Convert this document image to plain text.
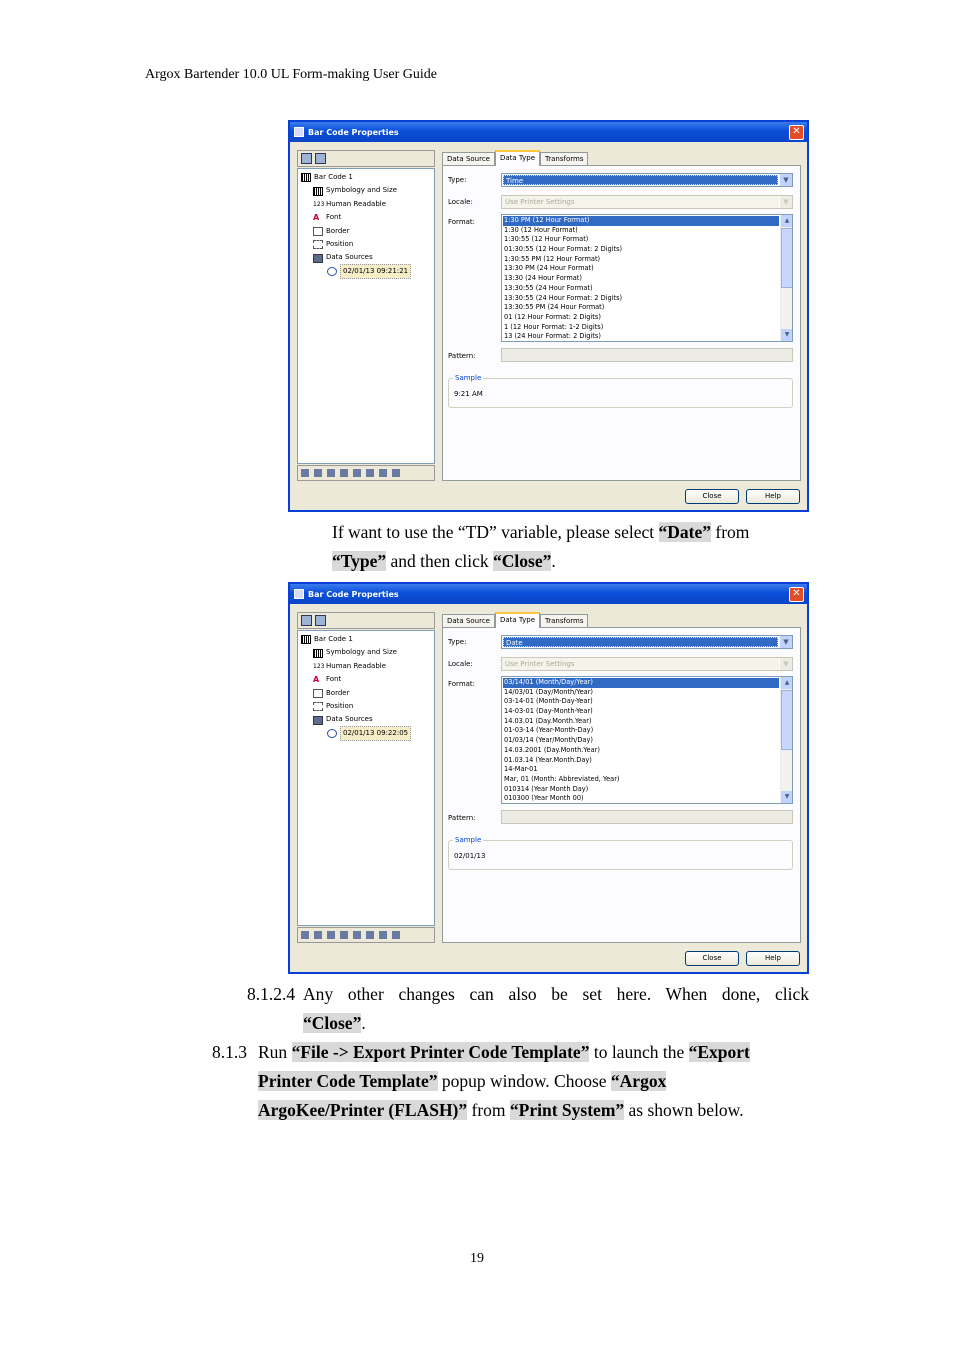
Argox Bartender 10.0 UL Form-making User Guide
Bar Code Properties	✕
Bar Code 1
Symbology and Size
123 Human Readable
A Font
Border
Position
Data Sources
02/01/13 09:21:21
Data Source	Data Type	Transforms
Type:	Time	▼
Locale:	Use Printer Settings	▼
Format:	1:30 PM (12 Hour Format)
1:30 (12 Hour Format)
1:30:55 (12 Hour Format)
01:30:55 (12 Hour Format: 2 Digits)
1:30:55 PM (12 Hour Format)
13:30 PM (24 Hour Format)
13:30 (24 Hour Format)
13:30:55 (24 Hour Format)
13:30:55 (24 Hour Format: 2 Digits)
13:30:55 PM (24 Hour Format)
01 (12 Hour Format: 2 Digits)
1 (12 Hour Format: 1-2 Digits)
13 (24 Hour Format: 2 Digits)
▲
▼
Pattern:
Sample
9:21 AM
Close	Help
If want to use the “TD” variable, please select “Date” from
“Type” and then click “Close”.
Bar Code Properties	✕
Bar Code 1
Symbology and Size
123 Human Readable
A Font
Border
Position
Data Sources
02/01/13 09:22:05
Data Source	Data Type	Transforms
Type:	Date	▼
Locale:	Use Printer Settings	▼
Format:	03/14/01 (Month/Day/Year)
14/03/01 (Day/Month/Year)
03-14-01 (Month-Day-Year)
14-03-01 (Day-Month-Year)
14.03.01 (Day.Month.Year)
01-03-14 (Year-Month-Day)
01/03/14 (Year/Month/Day)
14.03.2001 (Day.Month.Year)
01.03.14 (Year.Month.Day)
14-Mar-01
Mar, 01 (Month: Abbreviated, Year)
010314 (Year Month Day)
010300 (Year Month 00)
▲
▼
Pattern:
Sample
02/01/13
Close	Help
8.1.2.4 Any other changes can also be set here. When done, click
“Close”.
8.1.3 Run “File -> Export Printer Code Template” to launch the “Export
Printer Code Template” popup window. Choose “Argox
ArgoKee/Printer (FLASH)” from “Print System” as shown below.
19
